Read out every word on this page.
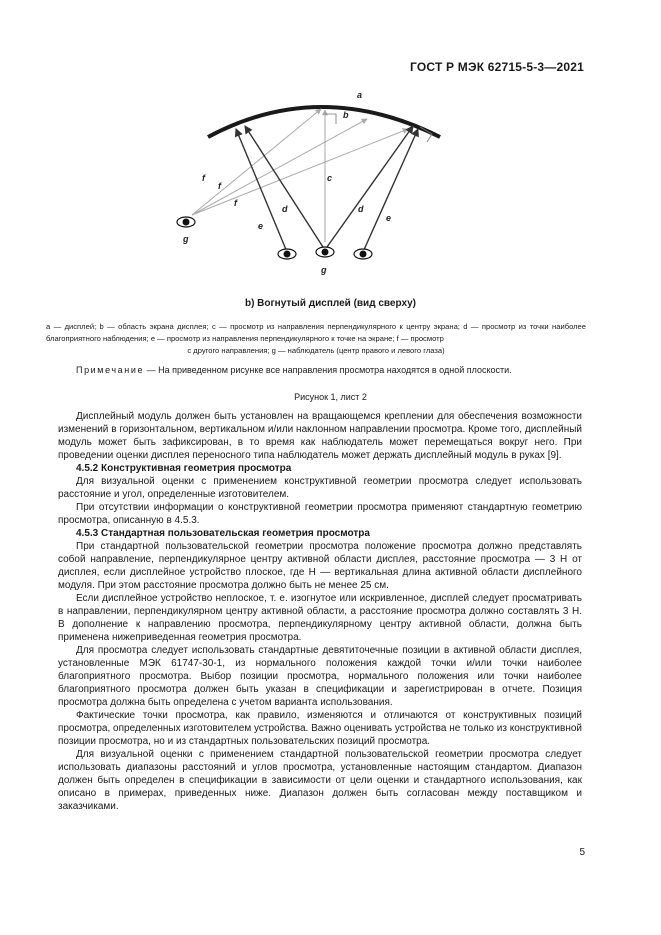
ГОСТ Р МЭК 62715-5-3—2021
a
b
c
d	d
e
e
f
f
f
g
g
b) Вогнутый дисплей (вид сверху)
а — дисплей; b — область экрана дисплея; с — просмотр из направления перпендикулярного к центру экрана; d — просмотр из точки наиболее благоприятного наблюдения; е — просмотр из направления перпендикулярного к точке на экране; f — просмотр
с другого направления; g — наблюдатель (центр правого и левого глаза)
Примечание — На приведенном рисунке все направления просмотра находятся в одной плоскости.
Рисунок 1, лист 2

Дисплейный модуль должен быть установлен на вращающемся креплении для обеспечения возможности изменений в горизонтальном, вертикальном и/или наклонном направлении просмотра. Кроме того, дисплейный модуль может быть зафиксирован, в то время как наблюдатель может перемещаться вокруг него. При проведении оценки дисплея переносного типа наблюдатель может держать дисплейный модуль в руках [9].

4.5.2 Конструктивная геометрия просмотра

Для визуальной оценки с применением конструктивной геометрии просмотра следует использовать расстояние и угол, определенные изготовителем.

При отсутствии информации о конструктивной геометрии просмотра применяют стандартную геометрию просмотра, описанную в 4.5.3.

4.5.3 Стандартная пользовательская геометрия просмотра

При стандартной пользовательской геометрии просмотра положение просмотра должно представлять собой направление, перпендикулярное центру активной области дисплея, расстояние просмотра — 3 H от дисплея, если дисплейное устройство плоское, где H — вертикальная длина активной области дисплейного модуля. При этом расстояние просмотра должно быть не менее 25 см.

Если дисплейное устройство неплоское, т. е. изогнутое или искривленное, дисплей следует просматривать в направлении, перпендикулярном центру активной области, а расстояние просмотра должно составлять 3 H. В дополнение к направлению просмотра, перпендикулярному центру активной области, должна быть применена нижеприведенная геометрия просмотра.

Для просмотра следует использовать стандартные девятиточечные позиции в активной области дисплея, установленные МЭК 61747-30-1, из нормального положения каждой точки и/или точки наиболее благоприятного просмотра. Выбор позиции просмотра, нормального положения или точки наиболее благоприятного просмотра должен быть указан в спецификации и зарегистрирован в отчете. Позиция просмотра должна быть определена с учетом варианта использования.

Фактические точки просмотра, как правило, изменяются и отличаются от конструктивных позиций просмотра, определенных изготовителем устройства. Важно оценивать устройства не только из конструктивной позиции просмотра, но и из стандартных пользовательских позиций просмотра.

Для визуальной оценки с применением стандартной пользовательской геометрии просмотра следует использовать диапазоны расстояний и углов просмотра, установленные настоящим стандартом. Диапазон должен быть определен в спецификации в зависимости от цели оценки и стандартного использования, как описано в примерах, приведенных ниже. Диапазон должен быть согласован между поставщиком и заказчиками.

5
